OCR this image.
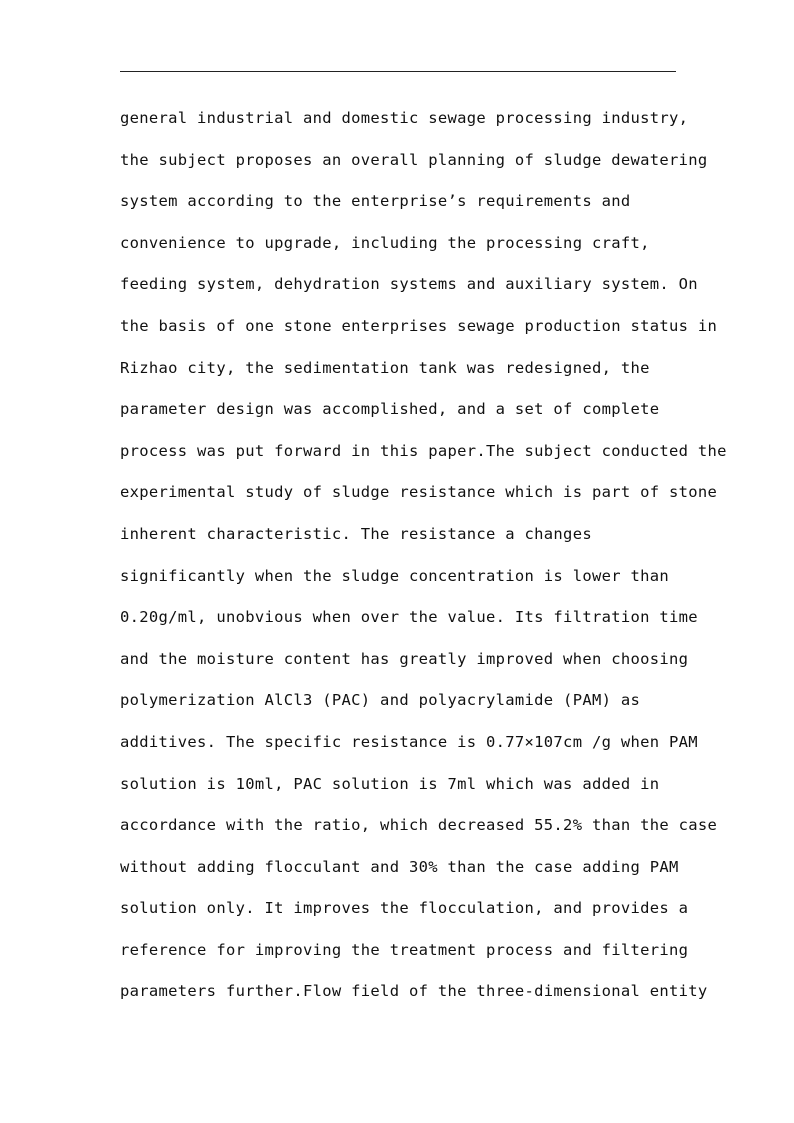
general industrial and domestic sewage processing industry,
the subject proposes an overall planning of sludge dewatering
system according to the enterprise’s requirements and
convenience to upgrade, including the processing craft,
feeding system, dehydration systems and auxiliary system. On
the basis of one stone enterprises sewage production status in
Rizhao city, the sedimentation tank was redesigned, the
parameter design was accomplished, and a set of complete
process was put forward in this paper.The subject conducted the
experimental study of sludge resistance which is part of stone
inherent characteristic. The resistance a changes
significantly when the sludge concentration is lower than
0.20g/ml, unobvious when over the value. Its filtration time
and the moisture content has greatly improved when choosing
polymerization AlCl3 (PAC) and polyacrylamide (PAM) as
additives. The specific resistance is 0.77×107cm /g when PAM
solution is 10ml, PAC solution is 7ml which was added in
accordance with the ratio, which decreased 55.2% than the case
without adding flocculant and 30% than the case adding PAM
solution only. It improves the flocculation, and provides a
reference for improving the treatment process and filtering
parameters further.Flow field of the three-dimensional entity
